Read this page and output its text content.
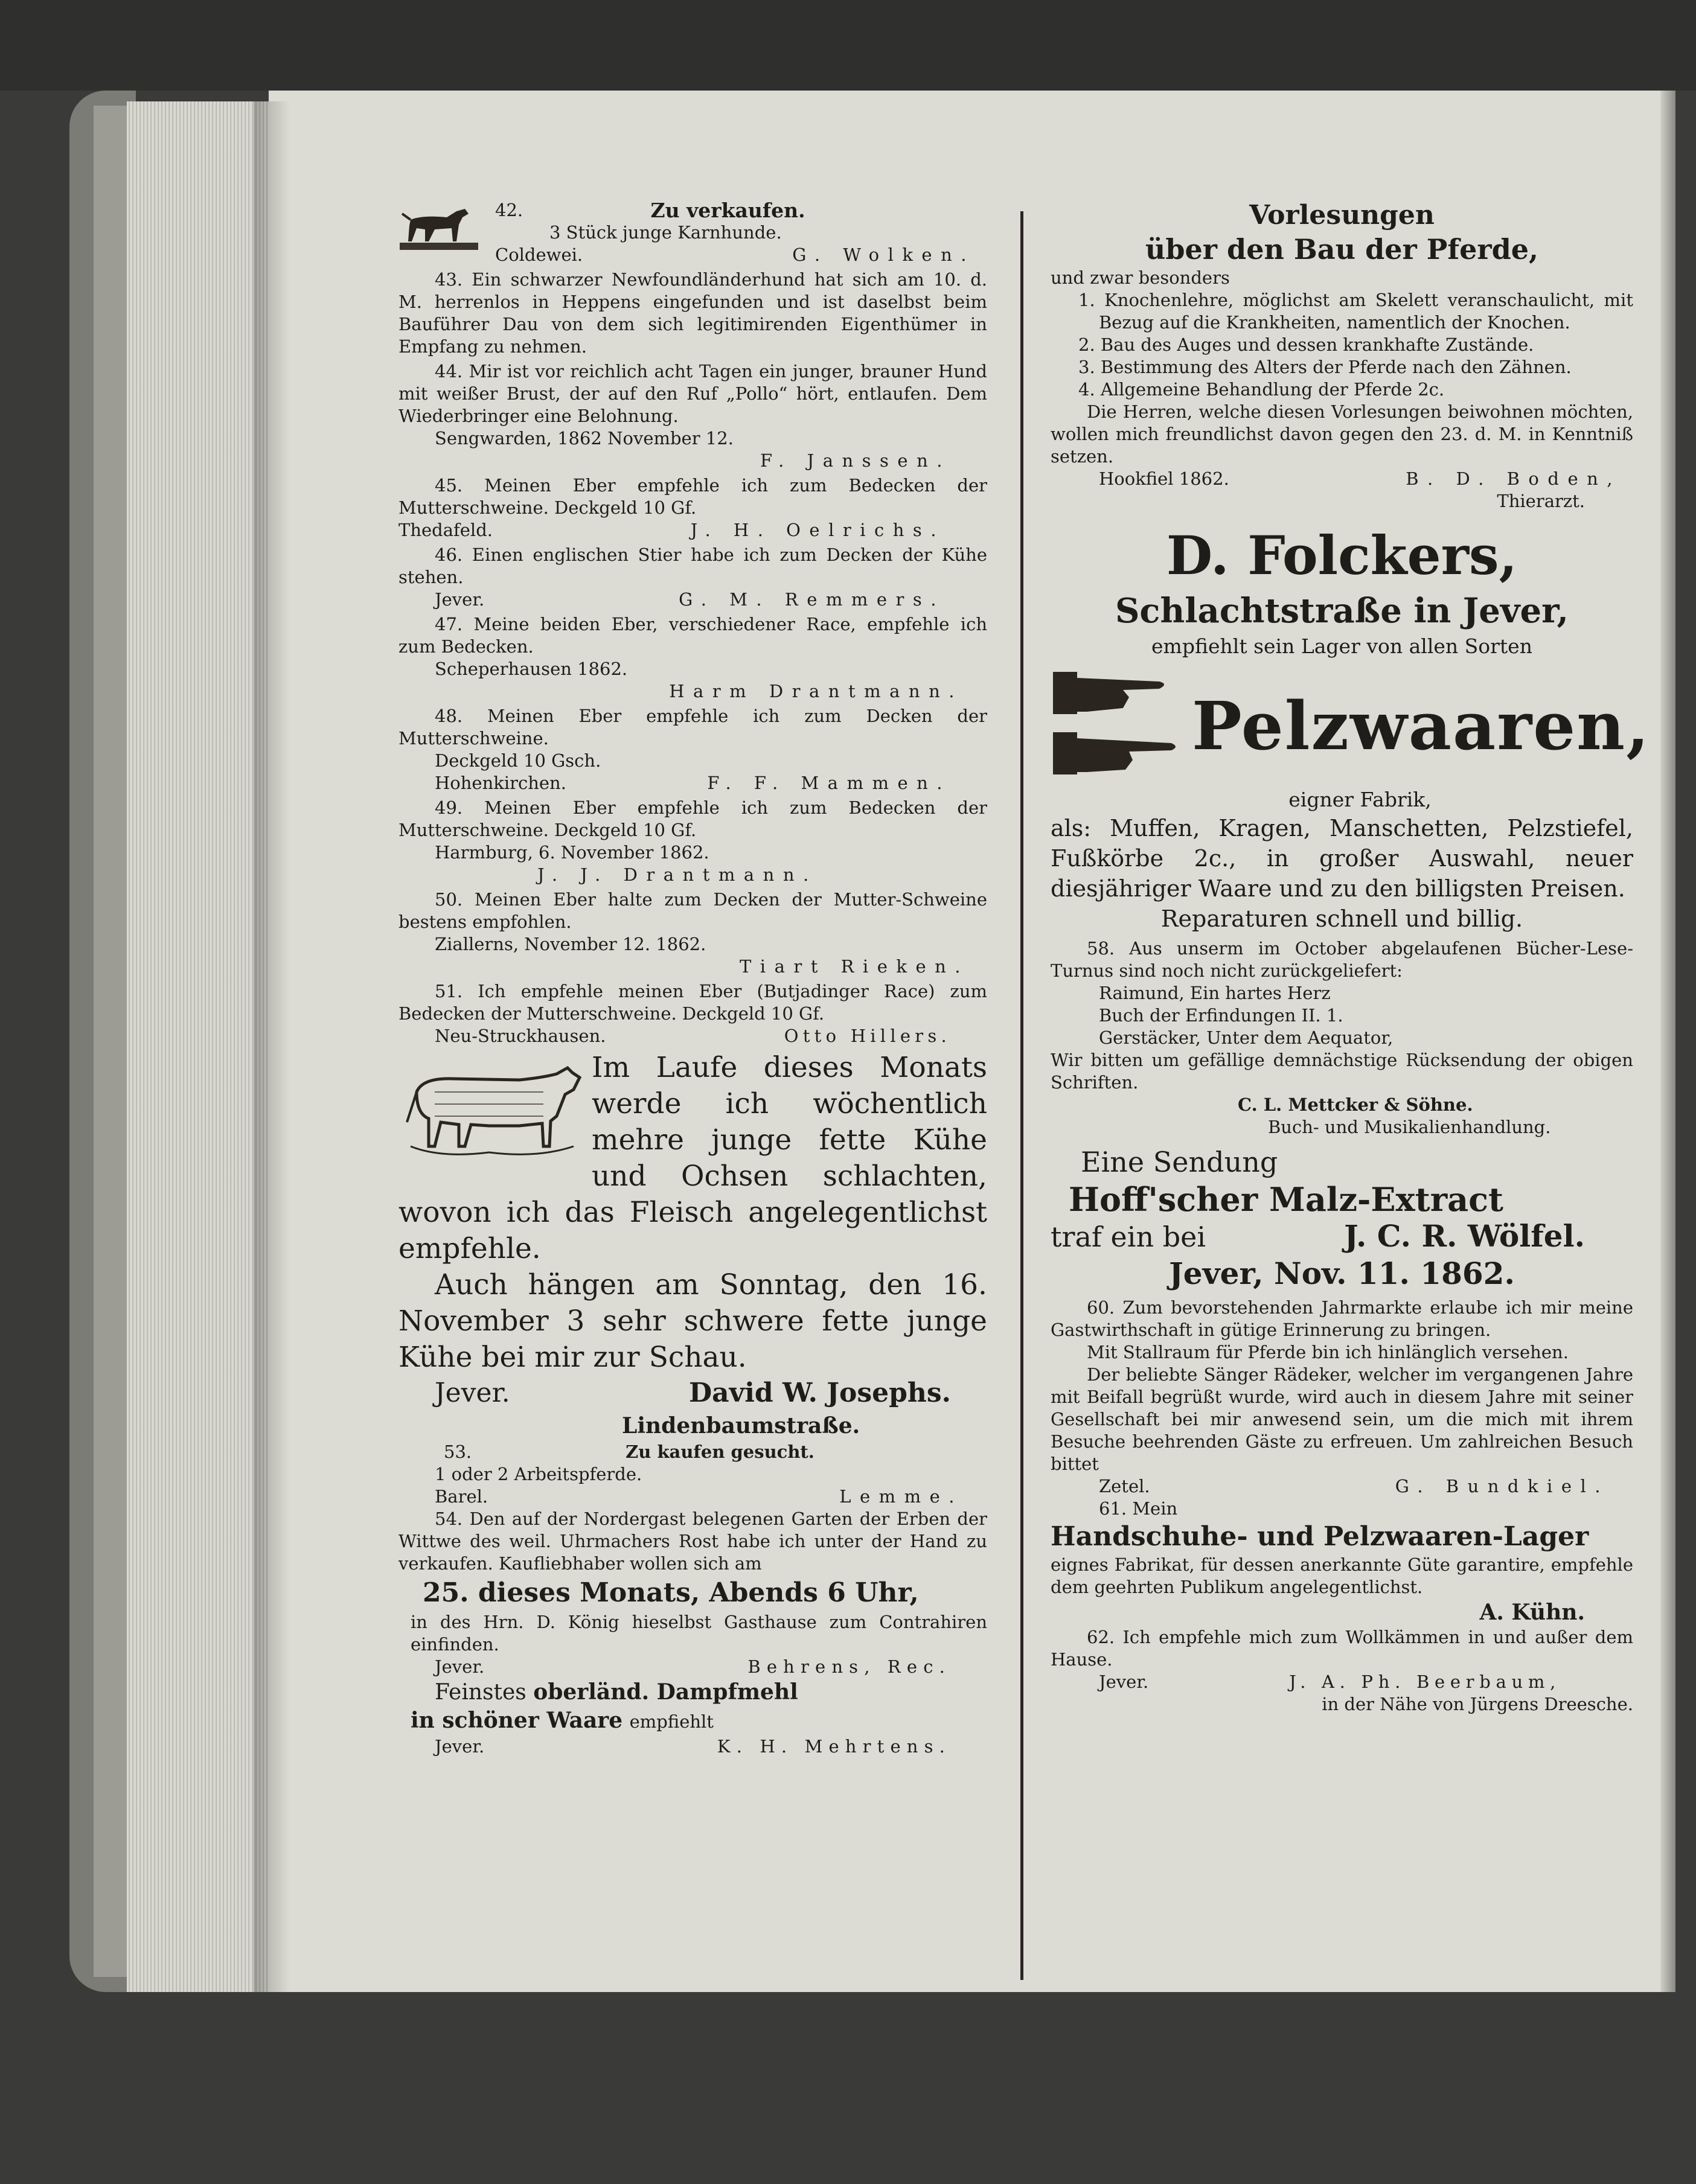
42.	Zu verkaufen.

3 Stück junge Karnhunde.

Coldewei.	G. Wolken.

43. Ein schwarzer Newfoundländerhund hat sich am 10. d. M. herrenlos in Heppens eingefunden und ist daselbst beim Bauführer Dau von dem sich legitimirenden Eigenthümer in Empfang zu nehmen.

44. Mir ist vor reichlich acht Tagen ein junger, brauner Hund mit weißer Brust, der auf den Ruf „Pollo“ hört, entlaufen. Dem Wiederbringer eine Belohnung.

Sengwarden, 1862 November 12.

F. Janssen.

45. Meinen Eber empfehle ich zum Bedecken der Mutterschweine. Deckgeld 10 Gf.

Thedafeld.	J. H. Oelrichs.

46. Einen englischen Stier habe ich zum Decken der Kühe stehen.

Jever.	G. M. Remmers.

47. Meine beiden Eber, verschiedener Race, empfehle ich zum Bedecken.

Scheperhausen 1862.

Harm Drantmann.

48. Meinen Eber empfehle ich zum Decken der Mutterschweine.

Deckgeld 10 Gsch.

Hohenkirchen.	F. F. Mammen.

49. Meinen Eber empfehle ich zum Bedecken der Mutterschweine. Deckgeld 10 Gf.

Harmburg, 6. November 1862.

J. J. Drantmann.

50. Meinen Eber halte zum Decken der Mutter-Schweine bestens empfohlen.

Ziallerns, November 12. 1862.

Tiart Rieken.

51. Ich empfehle meinen Eber (Butjadinger Race) zum Bedecken der Mutterschweine. Deckgeld 10 Gf.

Neu-Struckhausen.	Otto Hillers.

Im Laufe dieses Monats werde ich wöchentlich mehre junge fette Kühe und Ochsen schlachten, wovon ich das Fleisch angelegentlichst empfehle.

Auch hängen am Sonntag, den 16. November 3 sehr schwere fette junge Kühe bei mir zur Schau.

Jever.	David W. Josephs.

Lindenbaumstraße.

53.	Zu kaufen gesucht.

1 oder 2 Arbeitspferde.

Barel.	Lemme.

54. Den auf der Nordergast belegenen Garten der Erben der Wittwe des weil. Uhrmachers Rost habe ich unter der Hand zu verkaufen. Kaufliebhaber wollen sich am

25. dieses Monats, Abends 6 Uhr,

in des Hrn. D. König hieselbst Gasthause zum Contrahiren einfinden.

Jever.	Behrens, Rec.

Feinstes oberländ. Dampfmehl

in schöner Waare empfiehlt

Jever.	K. H. Mehrtens.

Vorlesungen

über den Bau der Pferde,

und zwar besonders

1. Knochenlehre, möglichst am Skelett veranschaulicht, mit Bezug auf die Krankheiten, namentlich der Knochen.

2. Bau des Auges und dessen krankhafte Zustände.

3. Bestimmung des Alters der Pferde nach den Zähnen.

4. Allgemeine Behandlung der Pferde 2c.

Die Herren, welche diesen Vorlesungen beiwohnen möchten, wollen mich freundlichst davon gegen den 23. d. M. in Kenntniß setzen.

Hookfiel 1862.	B. D. Boden,

Thierarzt.

D. Folckers,

Schlachtstraße in Jever,

empfiehlt sein Lager von allen Sorten

Pelzwaaren,

eigner Fabrik,

als: Muffen, Kragen, Manschetten, Pelzstiefel, Fußkörbe 2c., in großer Auswahl, neuer diesjähriger Waare und zu den billigsten Preisen.

Reparaturen schnell und billig.

58. Aus unserm im October abgelaufenen Bücher-Lese-Turnus sind noch nicht zurückgeliefert:

Raimund, Ein hartes Herz

Buch der Erfindungen II. 1.

Gerstäcker, Unter dem Aequator,

Wir bitten um gefällige demnächstige Rücksendung der obigen Schriften.

C. L. Mettcker & Söhne.

Buch- und Musikalienhandlung.

Eine Sendung

Hoff'scher Malz-Extract

traf ein bei	J. C. R. Wölfel.

Jever, Nov. 11. 1862.

60. Zum bevorstehenden Jahrmarkte erlaube ich mir meine Gastwirthschaft in gütige Erinnerung zu bringen.

Mit Stallraum für Pferde bin ich hinlänglich versehen.

Der beliebte Sänger Rädeker, welcher im vergangenen Jahre mit Beifall begrüßt wurde, wird auch in diesem Jahre mit seiner Gesellschaft bei mir anwesend sein, um die mich mit ihrem Besuche beehrenden Gäste zu erfreuen. Um zahlreichen Besuch bittet

Zetel.	G. Bundkiel.

61. Mein

Handschuhe- und Pelzwaaren-Lager

eignes Fabrikat, für dessen anerkannte Güte garantire, empfehle dem geehrten Publikum angelegentlichst.

A. Kühn.

62. Ich empfehle mich zum Wollkämmen in und außer dem Hause.

Jever.	J. A. Ph. Beerbaum,

in der Nähe von Jürgens Dreesche.
